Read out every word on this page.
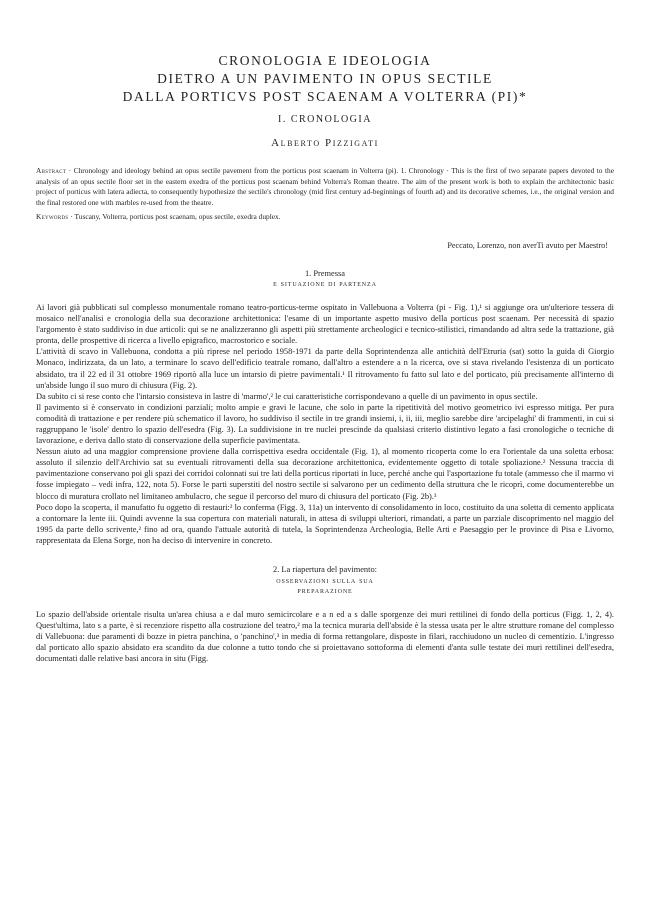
CRONOLOGIA E IDEOLOGIA
DIETRO A UN PAVIMENTO IN OPUS SECTILE
DALLA PORTICVS POST SCAENAM A VOLTERRA (PI)*
I. CRONOLOGIA
Alberto Pizzigati
Abstract · Chronology and ideology behind an opus sectile pavement from the porticus post scaenam in Volterra (pi). 1. Chronology · This is the first of two separate papers devoted to the analysis of an opus sectile floor set in the eastern exedra of the porticus post scaenam behind Volterra's Roman theatre. The aim of the present work is both to explain the architectonic basic project of porticus with latera adiecta, to consequently hypothesize the sectile's chronology (mid first century ad-beginnings of fourth ad) and its decorative schemes, i.e., the original version and the final restored one with marbles re-used from the theatre.
Keywords · Tuscany, Volterra, porticus post scaenam, opus sectile, exedra duplex.
Peccato, Lorenzo, non averTi avuto per Maestro!
1. Premessa
e situazione di partenza

Ai lavori già pubblicati sul complesso monumentale romano teatro-porticus-terme ospitato in Vallebuona a Volterra (pi - Fig. 1),¹ si aggiunge ora un'ulteriore tessera di mosaico nell'analisi e cronologia della sua decorazione architettonica: l'esame di un importante aspetto musivo della porticus post scaenam. Per necessità di spazio l'argomento è stato suddiviso in due articoli: qui se ne analizzeranno gli aspetti più strettamente archeologici e tecnico-stilistici, rimandando ad altra sede la trattazione, già pronta, delle prospettive di ricerca a livello epigrafico, macrostorico e sociale.

L'attività di scavo in Vallebuona, condotta a più riprese nel periodo 1958-1971 da parte della Soprintendenza alle antichità dell'Etruria (sat) sotto la guida di Giorgio Monaco, indirizzata, da un lato, a terminare lo scavo dell'edificio teatrale romano, dall'altro a estendere a n la ricerca, ove si stava rivelando l'esistenza di un porticato absidato, tra il 22 ed il 31 ottobre 1969 riportò alla luce un intarsio di pietre pavimentali.¹ Il ritrovamento fu fatto sul lato e del porticato, più precisamente all'interno di un'abside lungo il suo muro di chiusura (Fig. 2).

Da subito ci si rese conto che l'intarsio consisteva in lastre di 'marmo',² le cui caratteristiche corrispondevano a quelle di un pavimento in opus sectile.

Il pavimento si è conservato in condizioni parziali; molto ampie e gravi le lacune, che solo in parte la ripetitività del motivo geometrico ivi espresso mitiga. Per pura comodità di trattazione e per rendere più schematico il lavoro, ho suddiviso il sectile in tre grandi insiemi, i, ii, iii, meglio sarebbe dire 'arcipelaghi' di frammenti, in cui si raggruppano le 'isole' dentro lo spazio dell'esedra (Fig. 3). La suddivisione in tre nuclei prescinde da qualsiasi criterio distintivo legato a fasi cronologiche o tecniche di lavorazione, e deriva dallo stato di conservazione della superficie pavimentata.

Nessun aiuto ad una maggior comprensione proviene dalla corrispettiva esedra occidentale (Fig. 1), al momento ricoperta come lo era l'orientale da una soletta erbosa: assoluto il silenzio dell'Archivio sat su eventuali ritrovamenti della sua decorazione architettonica, evidentemente oggetto di totale spoliazione.² Nessuna traccia di pavimentazione conservano poi gli spazi dei corridoi colonnati sui tre lati della porticus riportati in luce, perché anche qui l'asportazione fu totale (ammesso che il marmo vi fosse impiegato – vedi infra, 122, nota 5). Forse le parti superstiti del nostro sectile si salvarono per un cedimento della struttura che le ricoprì, come documenterebbe un blocco di muratura crollato nel limitaneo ambulacro, che segue il percorso del muro di chiusura del porticato (Fig. 2b).³

Poco dopo la scoperta, il manufatto fu oggetto di restauri:² lo conferma (Figg. 3, 11a) un intervento di consolidamento in loco, costituito da una soletta di cemento applicata a contornare la lente iii. Quindi avvenne la sua copertura con materiali naturali, in attesa di sviluppi ulteriori, rimandati, a parte un parziale discoprimento nel maggio del 1995 da parte dello scrivente,² fino ad ora, quando l'attuale autorità di tutela, la Soprintendenza Archeologia, Belle Arti e Paesaggio per le province di Pisa e Livorno, rappresentata da Elena Sorge, non ha deciso di intervenire in concreto.

2. La riapertura del pavimento:
osservazioni sulla sua
preparazione

Lo spazio dell'abside orientale risulta un'area chiusa a e dal muro semicircolare e a n ed a s dalle sporgenze dei muri rettilinei di fondo della porticus (Figg. 1, 2, 4). Quest'ultima, lato s a parte, è si recenziore rispetto alla costruzione del teatro,² ma la tecnica muraria dell'abside è la stessa usata per le altre strutture romane del complesso di Vallebuona: due paramenti di bozze in pietra panchina, o 'panchino',³ in media di forma rettangolare, disposte in filari, racchiudono un nucleo di cementizio. L'ingresso dal porticato allo spazio absidato era scandito da due colonne a tutto tondo che si proiettavano sottoforma di elementi d'anta sulle testate dei muri rettilinei dell'esedra, documentati dalle relative basi ancora in situ (Figg.
